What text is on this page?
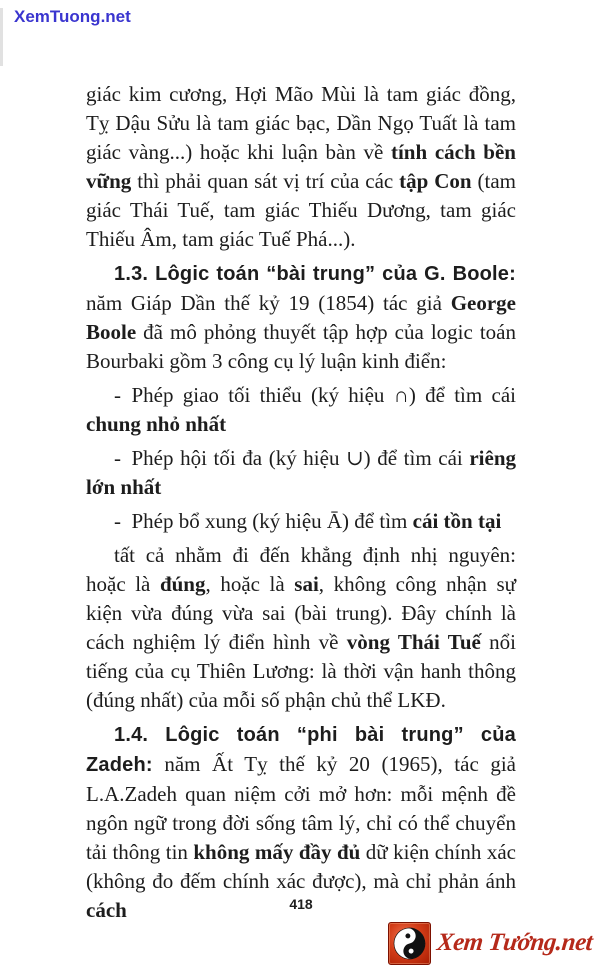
XemTuong.net

giác kim cương, Hợi Mão Mùi là tam giác đồng, Tỵ Dậu Sửu là tam giác bạc, Dần Ngọ Tuất là tam giác vàng...) hoặc khi luận bàn về tính cách bền vững thì phải quan sát vị trí của các tập Con (tam giác Thái Tuế, tam giác Thiếu Dương, tam giác Thiếu Âm, tam giác Tuế Phá...).

1.3. Lôgic toán “bài trung” của G. Boole: năm Giáp Dần thế kỷ 19 (1854) tác giả George Boole đã mô phỏng thuyết tập hợp của logic toán Bourbaki gồm 3 công cụ lý luận kinh điển:

- Phép giao tối thiểu (ký hiệu ∩) để tìm cái chung nhỏ nhất

- Phép hội tối đa (ký hiệu ∪) để tìm cái riêng lớn nhất

- Phép bổ xung (ký hiệu Ā) để tìm cái tồn tại

tất cả nhằm đi đến khẳng định nhị nguyên: hoặc là đúng, hoặc là sai, không công nhận sự kiện vừa đúng vừa sai (bài trung). Đây chính là cách nghiệm lý điển hình về vòng Thái Tuế nổi tiếng của cụ Thiên Lương: là thời vận hanh thông (đúng nhất) của mỗi số phận chủ thể LKĐ.

1.4. Lôgic toán “phi bài trung” của Zadeh: năm Ất Tỵ thế kỷ 20 (1965), tác giả L.A.Zadeh quan niệm cởi mở hơn: mỗi mệnh đề ngôn ngữ trong đời sống tâm lý, chỉ có thể chuyển tải thông tin không mấy đầy đủ dữ kiện chính xác (không đo đếm chính xác được), mà chỉ phản ánh cách	418
Xem Tướng.net
